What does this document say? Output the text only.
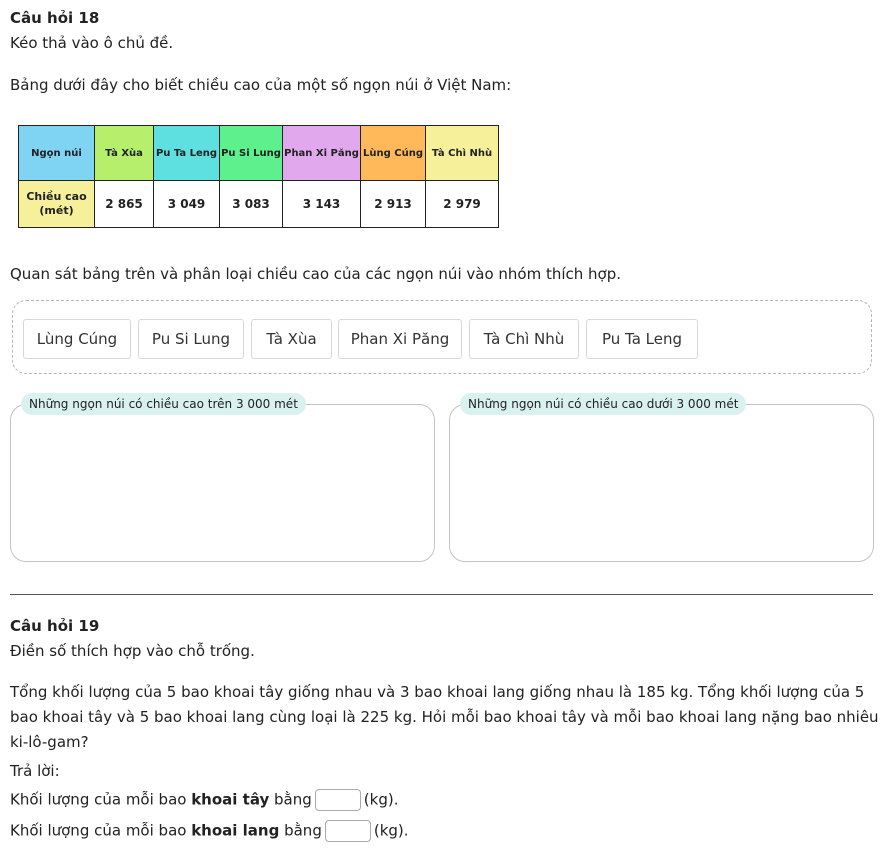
Câu hỏi 18
Kéo thả vào ô chủ đề.
Bảng dưới đây cho biết chiều cao của một số ngọn núi ở Việt Nam:
Ngọn núi	Tà Xùa	Pu Ta Leng	Pu Si Lung	Phan Xi Păng	Lùng Cúng	Tà Chì Nhù

Chiều cao
(mét)	2 865	3 049	3 083	3 143	2 913	2 979
Quan sát bảng trên và phân loại chiều cao của các ngọn núi vào nhóm thích hợp.
Lùng Cúng	Pu Si Lung	Tà Xùa	Phan Xi Păng	Tà Chì Nhù	Pu Ta Leng
Những ngọn núi có chiều cao trên 3 000 mét	Những ngọn núi có chiều cao dưới 3 000 mét
Câu hỏi 19
Điền số thích hợp vào chỗ trống.
Tổng khối lượng của 5 bao khoai tây giống nhau và 3 bao khoai lang giống nhau là 185 kg. Tổng khối lượng của 5
bao khoai tây và 5 bao khoai lang cùng loại là 225 kg. Hỏi mỗi bao khoai tây và mỗi bao khoai lang nặng bao nhiêu
ki-lô-gam?
Trả lời:
Khối lượng của mỗi bao khoai tây bằng	(kg).
Khối lượng của mỗi bao khoai lang bằng	(kg).
